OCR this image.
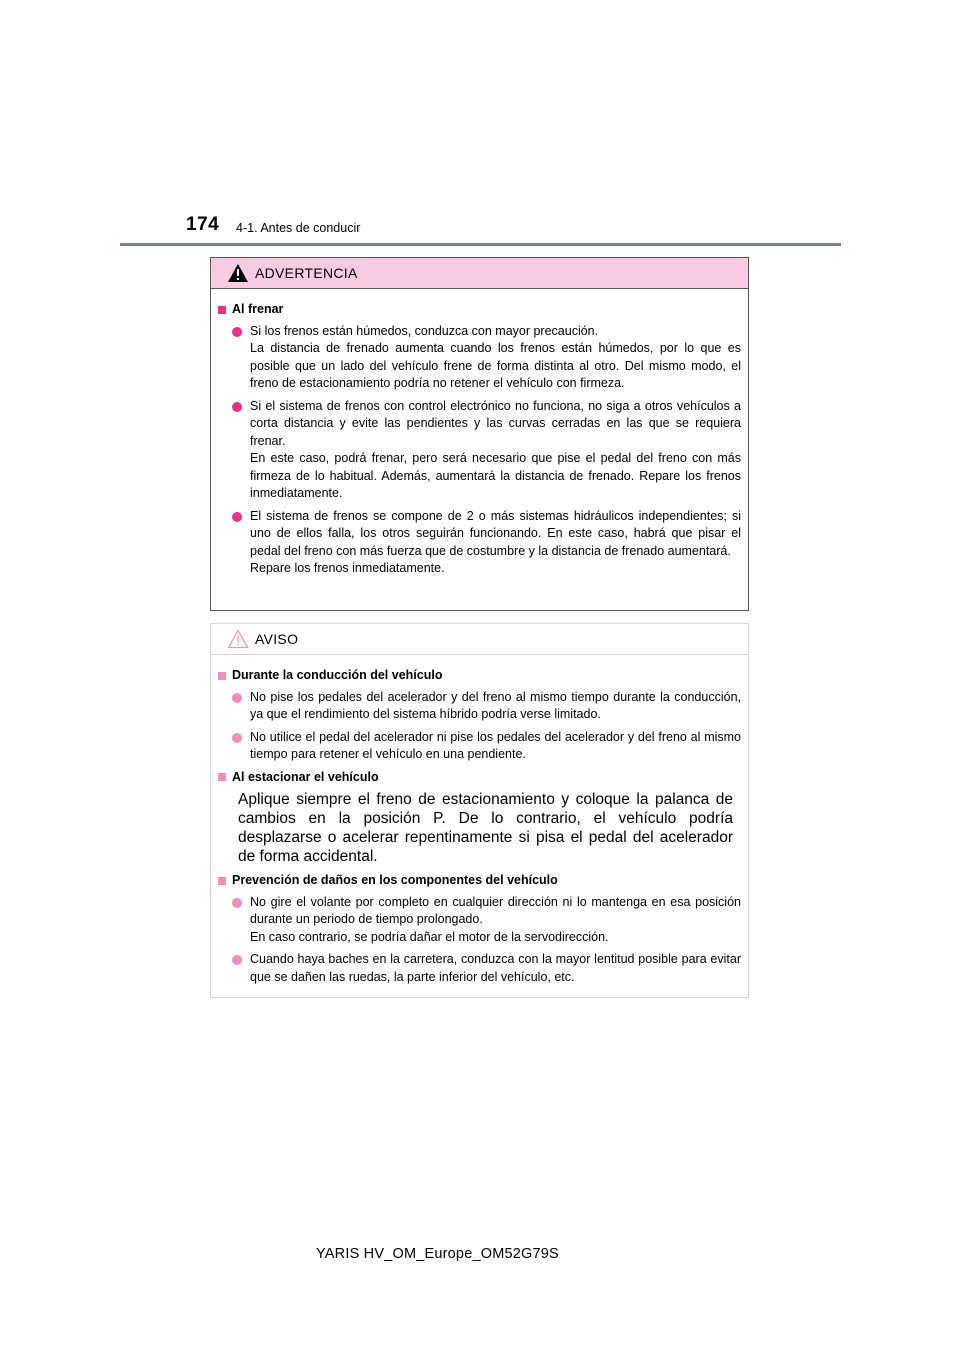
174 4-1. Antes de conducir
ADVERTENCIA
Al frenar
Si los frenos están húmedos, conduzca con mayor precaución.
La distancia de frenado aumenta cuando los frenos están húmedos, por lo que es posible que un lado del vehículo frene de forma distinta al otro. Del mismo modo, el freno de estacionamiento podría no retener el vehículo con firmeza.
Si el sistema de frenos con control electrónico no funciona, no siga a otros vehículos a corta distancia y evite las pendientes y las curvas cerradas en las que se requiera frenar.
En este caso, podrá frenar, pero será necesario que pise el pedal del freno con más firmeza de lo habitual. Además, aumentará la distancia de frenado. Repare los frenos inmediatamente.
El sistema de frenos se compone de 2 o más sistemas hidráulicos independientes; si uno de ellos falla, los otros seguirán funcionando. En este caso, habrá que pisar el pedal del freno con más fuerza que de costumbre y la distancia de frenado aumentará.
Repare los frenos inmediatamente.
AVISO
Durante la conducción del vehículo
No pise los pedales del acelerador y del freno al mismo tiempo durante la conducción, ya que el rendimiento del sistema híbrido podría verse limitado.
No utilice el pedal del acelerador ni pise los pedales del acelerador y del freno al mismo tiempo para retener el vehículo en una pendiente.
Al estacionar el vehículo
Aplique siempre el freno de estacionamiento y coloque la palanca de cambios en la posición P. De lo contrario, el vehículo podría desplazarse o acelerar repentinamente si pisa el pedal del acelerador de forma accidental.
Prevención de daños en los componentes del vehículo
No gire el volante por completo en cualquier dirección ni lo mantenga en esa posición durante un periodo de tiempo prolongado.
En caso contrario, se podría dañar el motor de la servodirección.
Cuando haya baches en la carretera, conduzca con la mayor lentitud posible para evitar que se dañen las ruedas, la parte inferior del vehículo, etc.
YARIS HV_OM_Europe_OM52G79S
